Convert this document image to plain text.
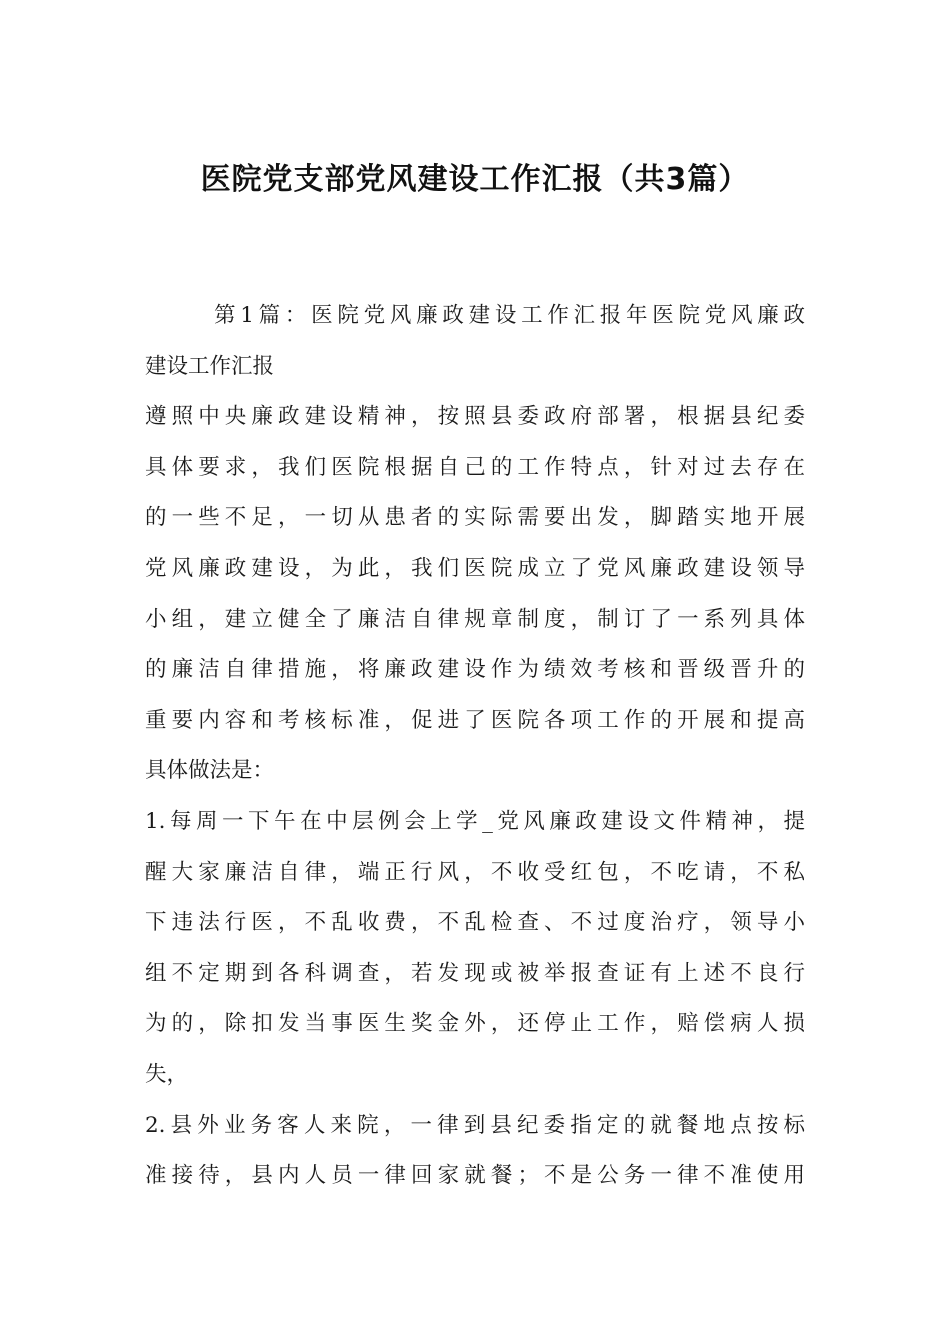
医院党支部党风建设工作汇报（共3篇）
第1篇：医院党风廉政建设工作汇报年医院党风廉政
建设工作汇报
遵照中央廉政建设精神，按照县委政府部署，根据县纪委
具体要求，我们医院根据自己的工作特点，针对过去存在
的一些不足，一切从患者的实际需要出发，脚踏实地开展
党风廉政建设，为此，我们医院成立了党风廉政建设领导
小组，建立健全了廉洁自律规章制度，制订了一系列具体
的廉洁自律措施，将廉政建设作为绩效考核和晋级晋升的
重要内容和考核标准，促进了医院各项工作的开展和提高
具体做法是：
1.每周一下午在中层例会上学_党风廉政建设文件精神，提
醒大家廉洁自律，端正行风，不收受红包，不吃请，不私
下违法行医，不乱收费，不乱检查、不过度治疗，领导小
组不定期到各科调查，若发现或被举报查证有上述不良行
为的，除扣发当事医生奖金外，还停止工作，赔偿病人损
失，
2.县外业务客人来院，一律到县纪委指定的就餐地点按标
准接待，县内人员一律回家就餐；不是公务一律不准使用
